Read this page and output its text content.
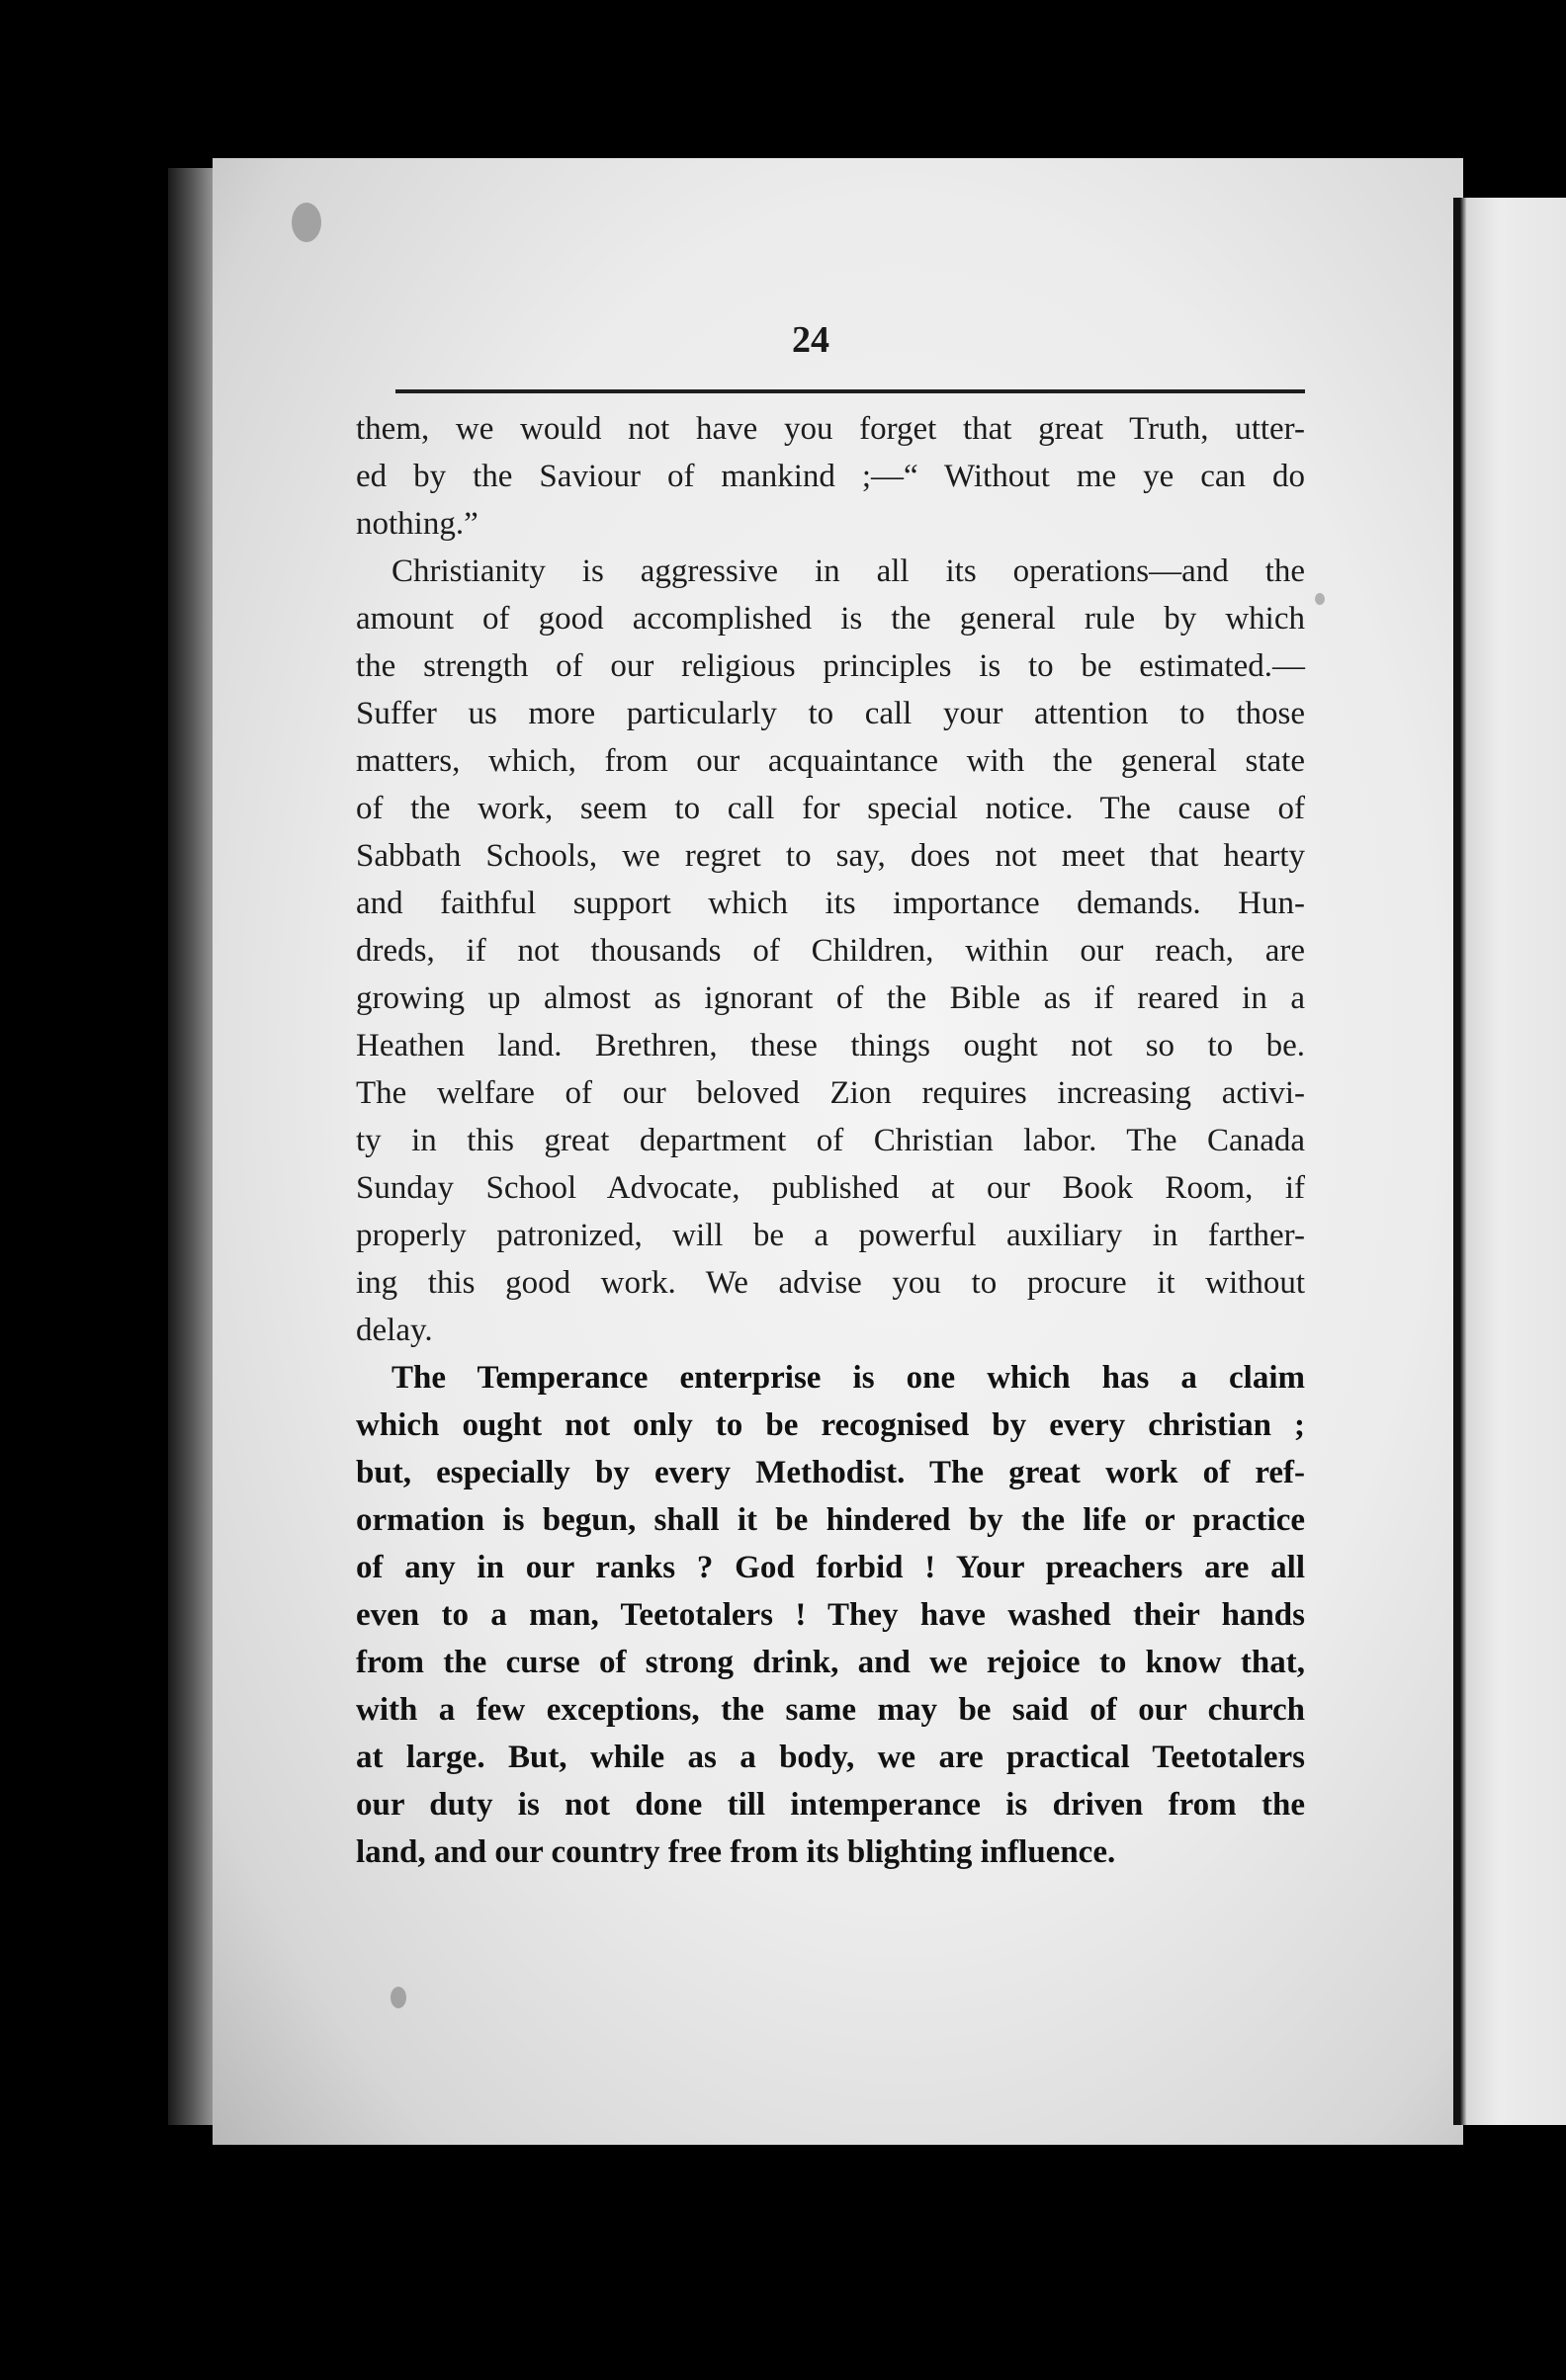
24
them, we would not have you forget that great Truth, utter-
ed by the Saviour of mankind ;—“ Without me ye can do
nothing.”
Christianity is aggressive in all its operations—and the
amount of good accomplished is the general rule by which
the strength of our religious principles is to be estimated.—
Suffer us more particularly to call your attention to those
matters, which, from our acquaintance with the general state
of the work, seem to call for special notice. The cause of
Sabbath Schools, we regret to say, does not meet that hearty
and faithful support which its importance demands. Hun-
dreds, if not thousands of Children, within our reach, are
growing up almost as ignorant of the Bible as if reared in a
Heathen land. Brethren, these things ought not so to be.
The welfare of our beloved Zion requires increasing activi-
ty in this great department of Christian labor. The Canada
Sunday School Advocate, published at our Book Room, if
properly patronized, will be a powerful auxiliary in farther-
ing this good work. We advise you to procure it without
delay.
The Temperance enterprise is one which has a claim
which ought not only to be recognised by every christian ;
but, especially by every Methodist. The great work of ref-
ormation is begun, shall it be hindered by the life or practice
of any in our ranks ? God forbid ! Your preachers are all
even to a man, Teetotalers ! They have washed their hands
from the curse of strong drink, and we rejoice to know that,
with a few exceptions, the same may be said of our church
at large. But, while as a body, we are practical Teetotalers
our duty is not done till intemperance is driven from the
land, and our country free from its blighting influence.
